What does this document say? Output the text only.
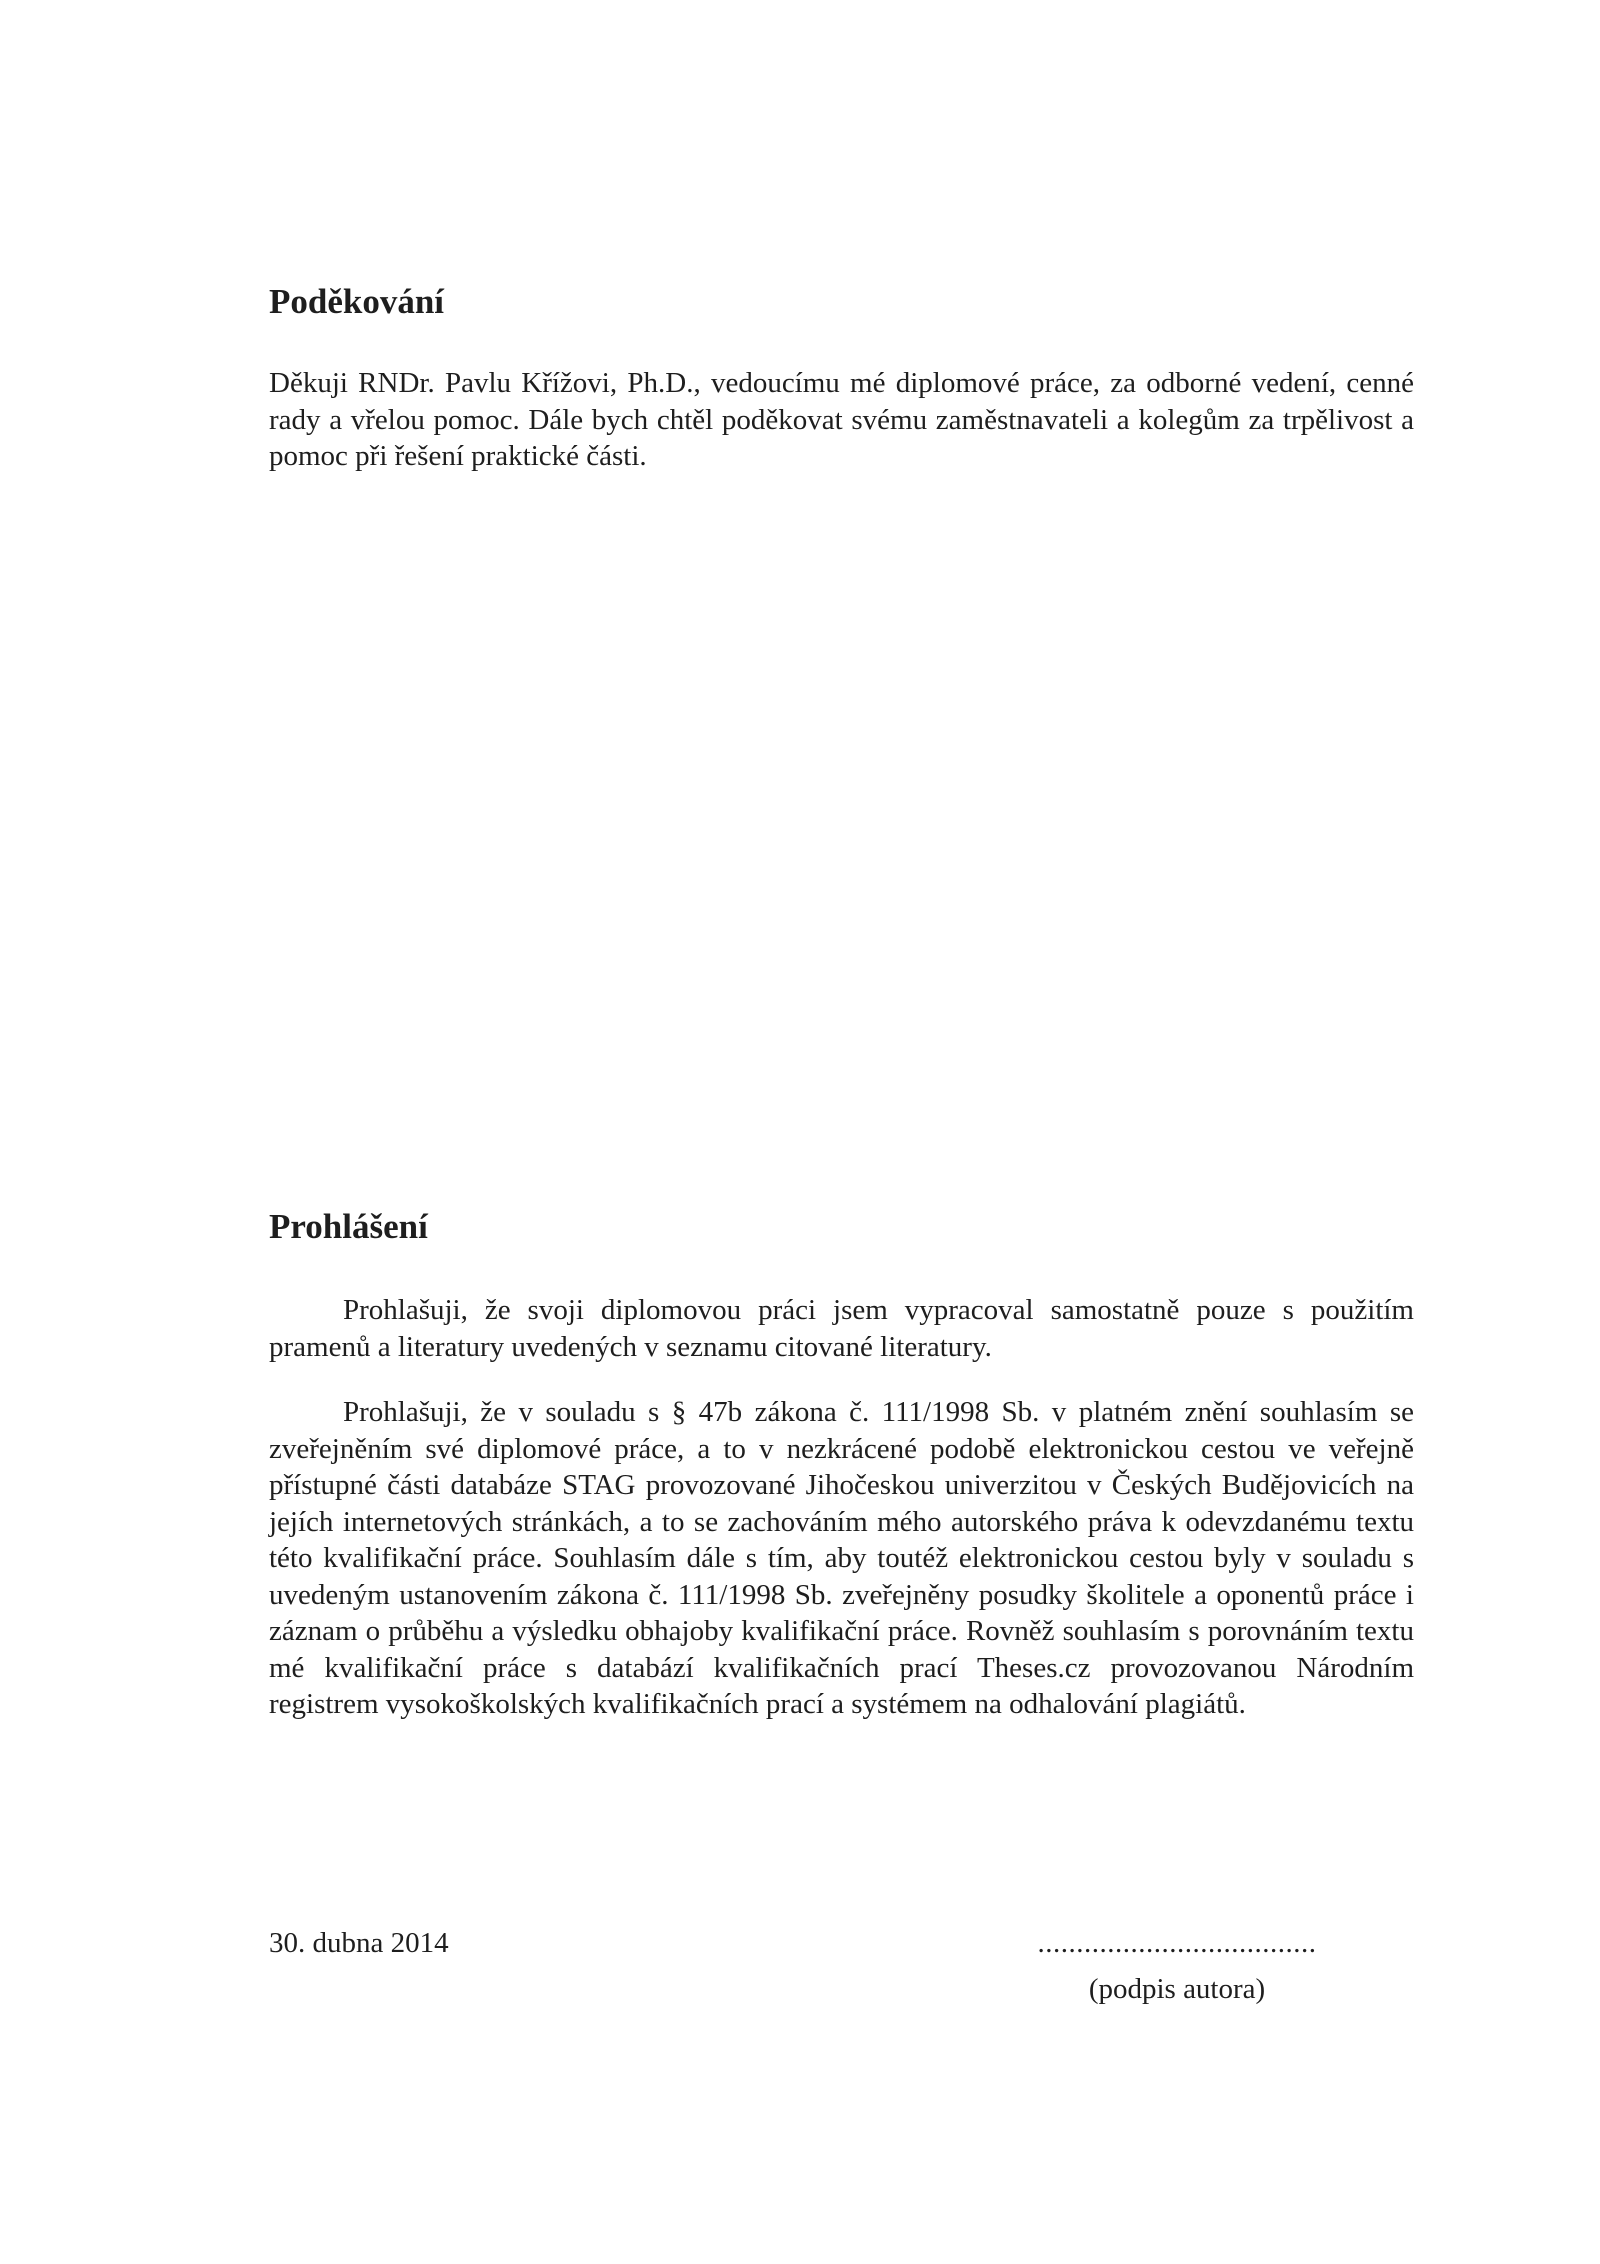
Poděkování

Děkuji RNDr. Pavlu Křížovi, Ph.D., vedoucímu mé diplomové práce, za odborné vedení, cenné rady a vřelou pomoc. Dále bych chtěl poděkovat svému zaměstnavateli a kolegům za trpělivost a pomoc při řešení praktické části.

Prohlášení

Prohlašuji, že svoji diplomovou práci jsem vypracoval samostatně pouze s použitím pramenů a literatury uvedených v seznamu citované literatury.

Prohlašuji, že v souladu s § 47b zákona č. 111/1998 Sb. v platném znění souhlasím se zveřejněním své diplomové práce, a to v nezkrácené podobě elektronickou cestou ve veřejně přístupné části databáze STAG provozované Jihočeskou univerzitou v Českých Budějovicích na jejích internetových stránkách, a to se zachováním mého autorského práva k odevzdanému textu této kvalifikační práce. Souhlasím dále s tím, aby toutéž elektronickou cestou byly v souladu s uvedeným ustanovením zákona č. 111/1998 Sb. zveřejněny posudky školitele a oponentů práce i záznam o průběhu a výsledku obhajoby kvalifikační práce. Rovněž souhlasím s porovnáním textu mé kvalifikační práce s databází kvalifikačních prací Theses.cz provozovanou Národním registrem vysokoškolských kvalifikačních prací a systémem na odhalování plagiátů.

30. dubna 2014	....................................
(podpis autora)
